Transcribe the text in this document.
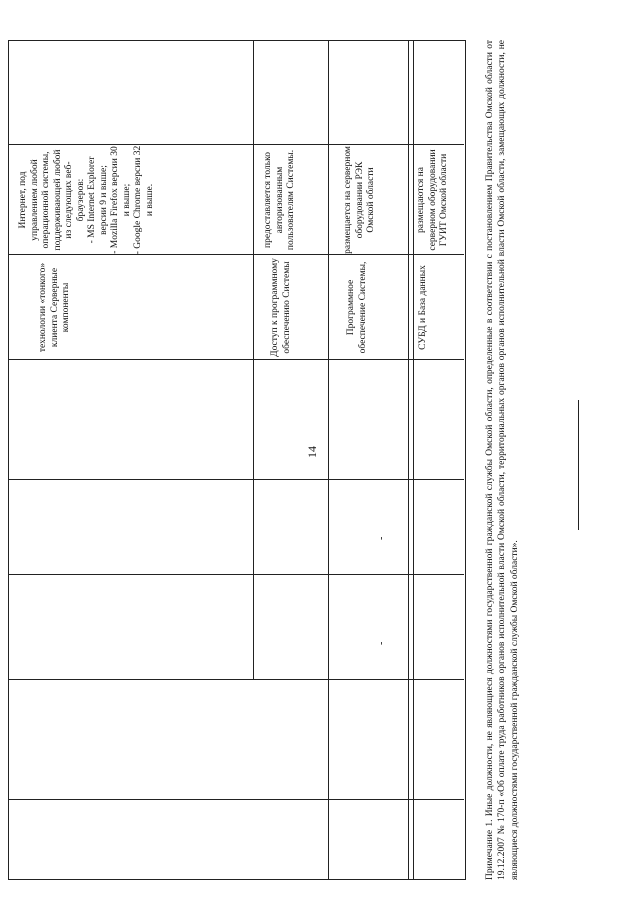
14
технологии «тонкого» клиента Серверные компоненты
Интернет, под управлением любой операционной системы, поддерживающей любой из следующих веб-браузеров:
- MS Internet Explorer версии 9 и выше;
- Mozilla Firefox версии 30 и выше;
- Google Chrome версии 32 и выше.
Доступ к программному обеспечению Системы
предоставляется только авторизованным пользователям Системы.
Программное обеспечение Системы,
размещается на серверном оборудовании РЭК Омской области
-
-
СУБД и База данных
размещаются на серверном оборудовании ГУИТ Омской области	Примечание 1. Иные должности, не являющиеся должностями государственной гражданской службы Омской области, определенные в соответствии с постановлением Правительства Омской области от 19.12.2007 № 170-п «Об оплате труда работников органов исполнительной власти Омской области, территориальных органов органов исполнительной власти Омской области, замещающих должности, не являющиеся должностями государственной гражданской службы Омской области».
